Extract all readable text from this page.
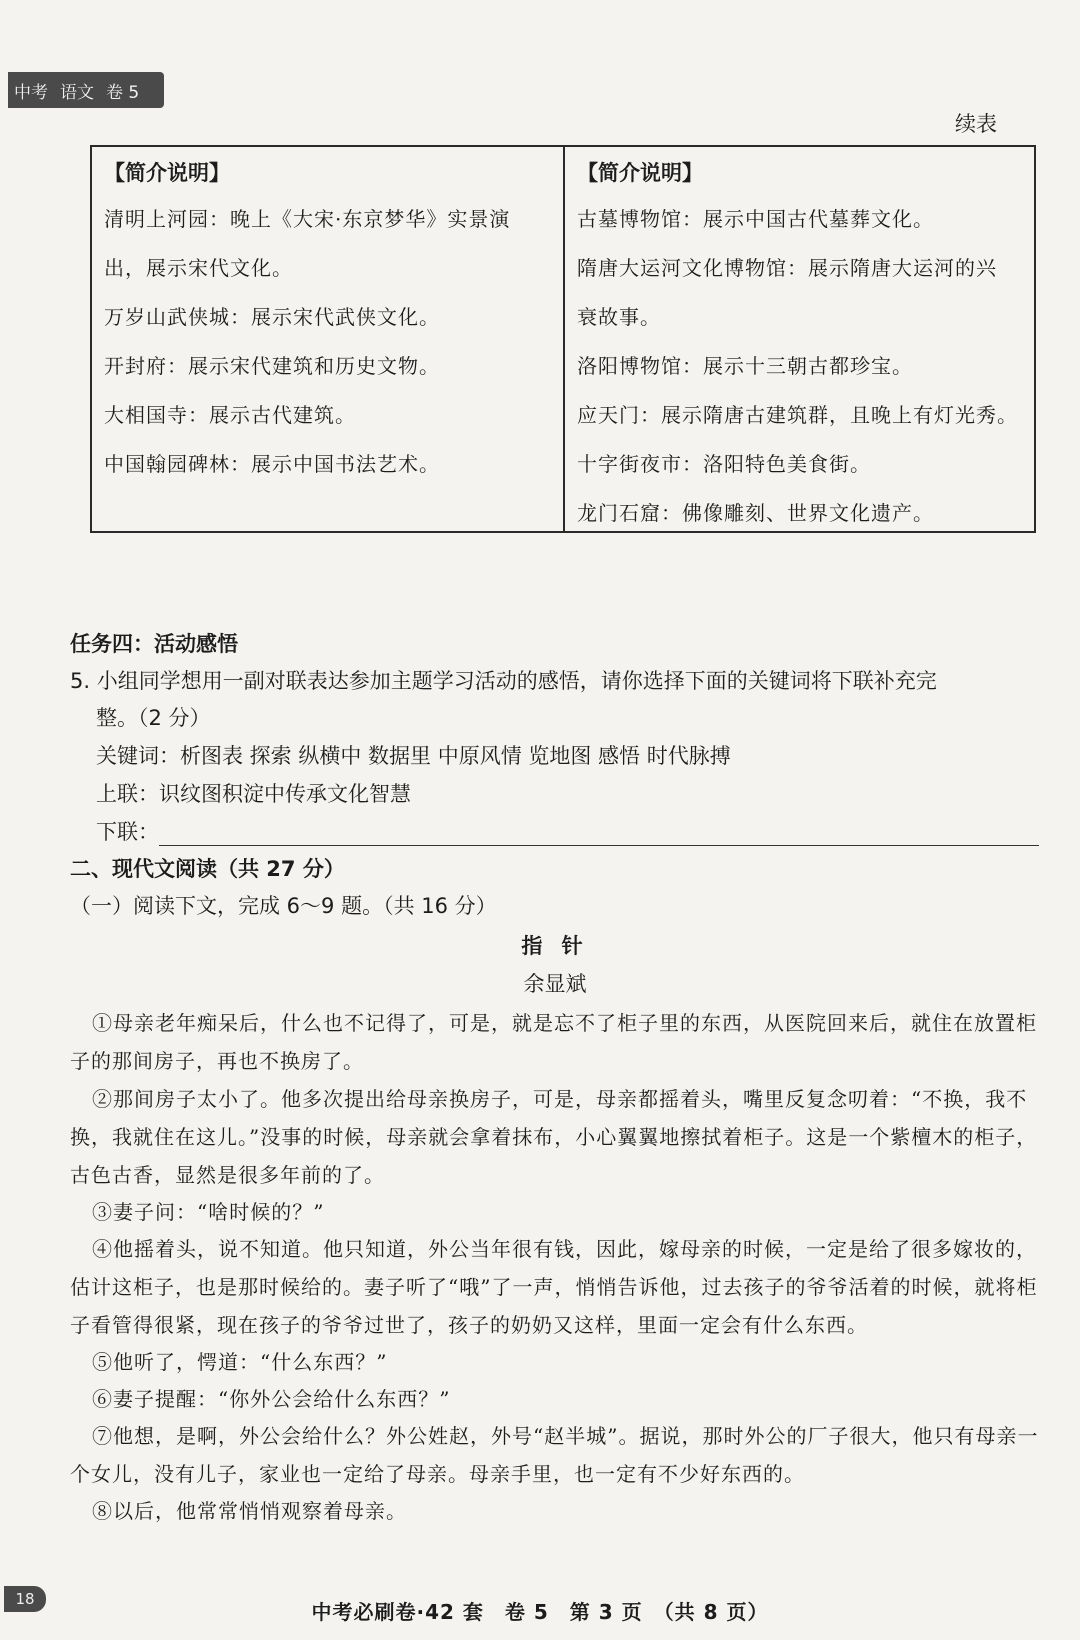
中考 语文 卷 5
续表
【简介说明】
清明上河园：晚上《大宋·东京梦华》实景演
出，展示宋代文化。
万岁山武侠城：展示宋代武侠文化。
开封府：展示宋代建筑和历史文物。
大相国寺：展示古代建筑。
中国翰园碑林：展示中国书法艺术。
【简介说明】
古墓博物馆：展示中国古代墓葬文化。
隋唐大运河文化博物馆：展示隋唐大运河的兴
衰故事。
洛阳博物馆：展示十三朝古都珍宝。
应天门：展示隋唐古建筑群，且晚上有灯光秀。
十字街夜市：洛阳特色美食街。
龙门石窟：佛像雕刻、世界文化遗产。
任务四：活动感悟
5. 小组同学想用一副对联表达参加主题学习活动的感悟，请你选择下面的关键词将下联补充完
整。（2 分）
关键词：析图表 探索 纵横中 数据里 中原风情 览地图 感悟 时代脉搏
上联：识纹图积淀中传承文化智慧
下联：
二、现代文阅读（共 27 分）
（一）阅读下文，完成 6～9 题。（共 16 分）
指 针
余显斌
①母亲老年痴呆后，什么也不记得了，可是，就是忘不了柜子里的东西，从医院回来后，就住在放置柜子的那间房子，再也不换房了。
②那间房子太小了。他多次提出给母亲换房子，可是，母亲都摇着头，嘴里反复念叨着：“不换，我不换，我就住在这儿。”没事的时候，母亲就会拿着抹布，小心翼翼地擦拭着柜子。这是一个紫檀木的柜子，古色古香，显然是很多年前的了。
③妻子问：“啥时候的？”
④他摇着头，说不知道。他只知道，外公当年很有钱，因此，嫁母亲的时候，一定是给了很多嫁妆的，估计这柜子，也是那时候给的。妻子听了“哦”了一声，悄悄告诉他，过去孩子的爷爷活着的时候，就将柜子看管得很紧，现在孩子的爷爷过世了，孩子的奶奶又这样，里面一定会有什么东西。
⑤他听了，愕道：“什么东西？”
⑥妻子提醒：“你外公会给什么东西？”
⑦他想，是啊，外公会给什么？外公姓赵，外号“赵半城”。据说，那时外公的厂子很大，他只有母亲一个女儿，没有儿子，家业也一定给了母亲。母亲手里，也一定有不少好东西的。
⑧以后，他常常悄悄观察着母亲。
18
中考必刷卷·42 套　卷 5　第 3 页　（共 8 页）
